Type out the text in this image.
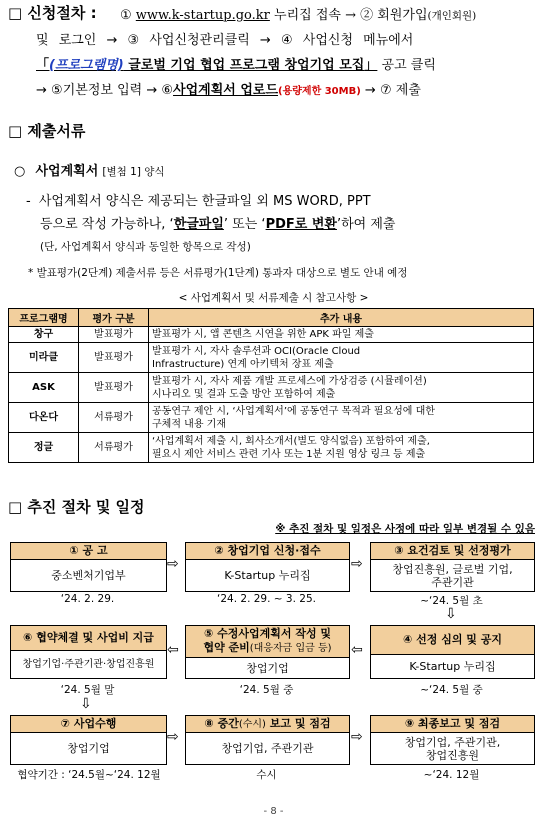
□ 신청절차 : ① www.k-startup.go.kr 누리집 접속 → ② 회원가입(개인회원)
및 로그인 → ③ 사업신청관리클릭 → ④ 사업신청 메뉴에서
「(프로그램명) 글로벌 기업 협업 프로그램 창업기업 모집」 공고 클릭
→ ⑤기본정보 입력 → ⑥사업계획서 업로드(용량제한 30MB) → ⑦ 제출
□ 제출서류
○ 사업계획서 [별첨 1] 양식
- 사업계획서 양식은 제공되는 한글파일 외 MS WORD, PPT
등으로 작성 가능하나, ‘한글파일’ 또는 ‘PDF로 변환’하여 제출
(단, 사업계획서 양식과 동일한 항목으로 작성)
* 발표평가(2단계) 제출서류 등은 서류평가(1단계) 통과자 대상으로 별도 안내 예정
< 사업계획서 및 서류제출 시 참고사항 >
프로그램명	평가 구분	추가 내용
창구	발표평가	발표평가 시, 앱 콘텐츠 시연을 위한 APK 파일 제출

미라클	발표평가	발표평가 시, 자사 솔루션과 OCI(Oracle Cloud
Infrastructure) 연계 아키텍처 장표 제출

ASK	발표평가	발표평가 시, 자사 제품 개발 프로세스에 가상검증 (시뮬레이션)
시나리오 및 결과 도출 방안 포함하여 제출

다온다	서류평가	공동연구 제안 시, ‘사업계획서’에 공동연구 목적과 필요성에 대한
구체적 내용 기재

정글	서류평가	‘사업계획서 제출 시, 회사소개서(별도 양식없음) 포함하여 제출,
필요시 제안 서비스 관련 기사 또는 1분 지원 영상 링크 등 제출
□ 추진 절차 및 일정
※ 추진 절차 및 일정은 사정에 따라 일부 변경될 수 있음
① 공 고
중소벤처기업부
⇨
② 창업기업 신청·접수
K-Startup 누리집
⇨
③ 요건검토 및 선정평가
창업진흥원, 글로벌 기업,
주관기관
‘24. 2. 29.	‘24. 2. 29. ~ 3. 25.	~‘24. 5월 초
⇩
⑥ 협약체결 및 사업비 지급
창업기업·주관기관·창업진흥원
⇦
⑤ 수정사업계획서 작성 및
협약 준비(대응자금 입금 등)
창업기업
⇦
④ 선정 심의 및 공지
K-Startup 누리집
‘24. 5월 말	‘24. 5월 중	~‘24. 5월 중
⇩
⑦ 사업수행
창업기업
⇨
⑧ 중간(수시) 보고 및 점검
창업기업, 주관기관
⇨
⑨ 최종보고 및 점검
창업기업, 주관기관,
창업진흥원
협약기간 : ‘24.5월~‘24. 12월	수시	~‘24. 12월
- 8 -
